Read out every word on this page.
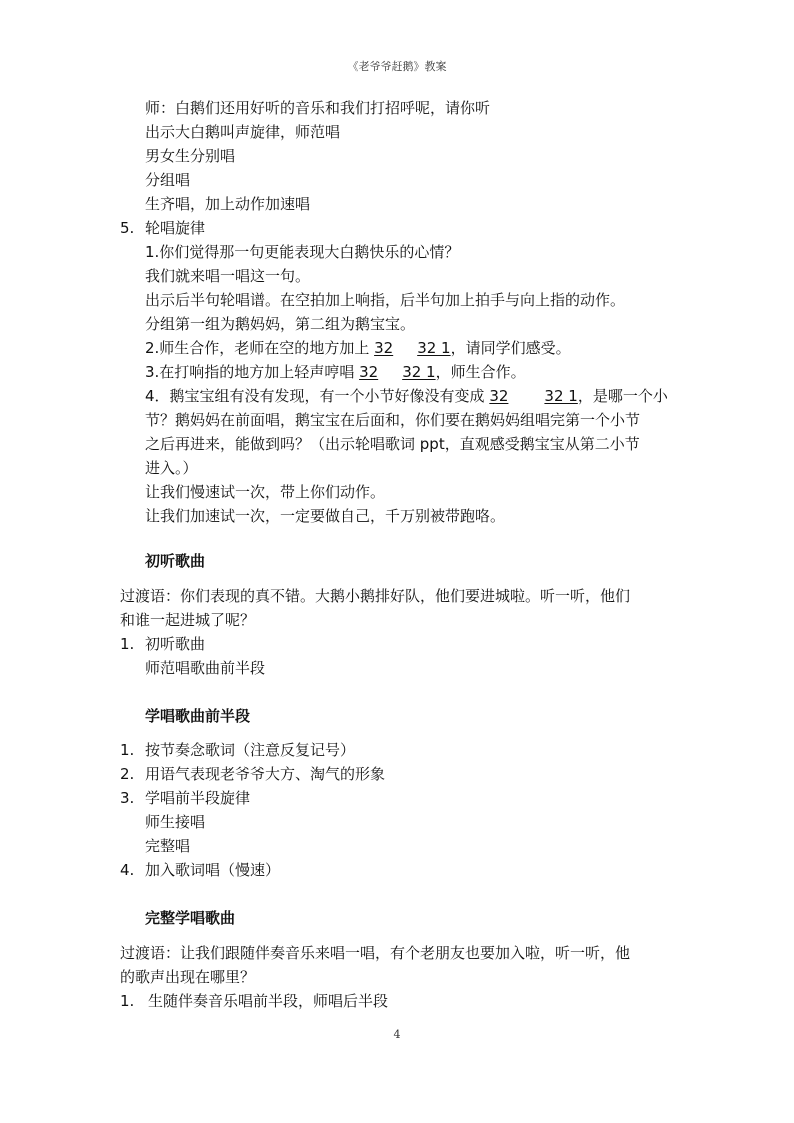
《老爷爷赶鹅》教案
师：白鹅们还用好听的音乐和我们打招呼呢，请你听
出示大白鹅叫声旋律，师范唱
男女生分别唱
分组唱
生齐唱，加上动作加速唱
5. 轮唱旋律
1.你们觉得那一句更能表现大白鹅快乐的心情？
我们就来唱一唱这一句。
出示后半句轮唱谱。在空拍加上响指，后半句加上拍手与向上指的动作。
分组第一组为鹅妈妈，第二组为鹅宝宝。
2.师生合作，老师在空的地方加上 32 32 1，请同学们感受。
3.在打响指的地方加上轻声哼唱 32 32 1，师生合作。
4．鹅宝宝组有没有发现，有一个小节好像没有变成 32 32 1，是哪一个小
节？鹅妈妈在前面唱，鹅宝宝在后面和，你们要在鹅妈妈组唱完第一个小节
之后再进来，能做到吗？（出示轮唱歌词 ppt，直观感受鹅宝宝从第二小节
进入。）
让我们慢速试一次，带上你们动作。
让我们加速试一次，一定要做自己，千万别被带跑咯。
初听歌曲
过渡语：你们表现的真不错。大鹅小鹅排好队，他们要进城啦。听一听，他们
和谁一起进城了呢？
1. 初听歌曲
师范唱歌曲前半段
学唱歌曲前半段
1. 按节奏念歌词（注意反复记号）
2. 用语气表现老爷爷大方、淘气的形象
3. 学唱前半段旋律
师生接唱
完整唱
4. 加入歌词唱（慢速）
完整学唱歌曲
过渡语：让我们跟随伴奏音乐来唱一唱，有个老朋友也要加入啦，听一听，他
的歌声出现在哪里？
1. 生随伴奏音乐唱前半段，师唱后半段
4
